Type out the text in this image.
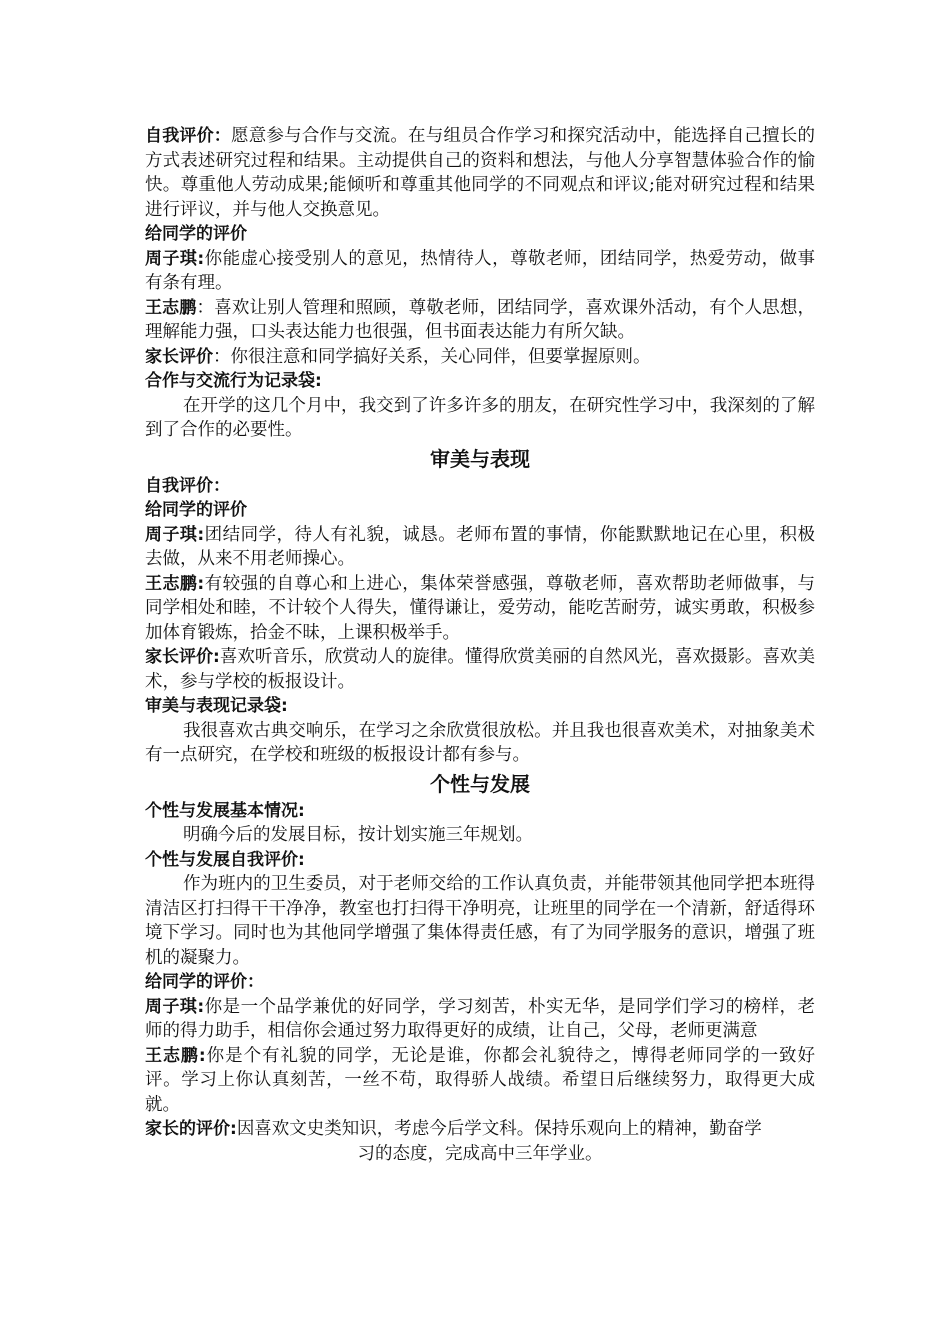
自我评价：愿意参与合作与交流。在与组员合作学习和探究活动中，能选择自己擅长的方式表述研究过程和结果。主动提供自己的资料和想法，与他人分享智慧体验合作的愉快。尊重他人劳动成果;能倾听和尊重其他同学的不同观点和评议;能对研究过程和结果进行评议，并与他人交换意见。

给同学的评价

周子琪:你能虚心接受别人的意见，热情待人，尊敬老师，团结同学，热爱劳动，做事有条有理。

王志鹏：喜欢让别人管理和照顾，尊敬老师，团结同学，喜欢课外活动，有个人思想，理解能力强，口头表达能力也很强，但书面表达能力有所欠缺。

家长评价：你很注意和同学搞好关系，关心同伴，但要掌握原则。

合作与交流行为记录袋:

在开学的这几个月中，我交到了许多许多的朋友，在研究性学习中，我深刻的了解到了合作的必要性。

审美与表现

自我评价：
给同学的评价

周子琪:团结同学，待人有礼貌，诚恳。老师布置的事情，你能默默地记在心里，积极去做，从来不用老师操心。

王志鹏:有较强的自尊心和上进心，集体荣誉感强，尊敬老师，喜欢帮助老师做事，与同学相处和睦，不计较个人得失，懂得谦让，爱劳动，能吃苦耐劳，诚实勇敢，积极参加体育锻炼，拾金不昧，上课积极举手。

家长评价:喜欢听音乐，欣赏动人的旋律。懂得欣赏美丽的自然风光，喜欢摄影。喜欢美术，参与学校的板报设计。

审美与表现记录袋:

我很喜欢古典交响乐，在学习之余欣赏很放松。并且我也很喜欢美术，对抽象美术有一点研究，在学校和班级的板报设计都有参与。

个性与发展

个性与发展基本情况:

明确今后的发展目标，按计划实施三年规划。

个性与发展自我评价:

作为班内的卫生委员，对于老师交给的工作认真负责，并能带领其他同学把本班得清洁区打扫得干干净净，教室也打扫得干净明亮，让班里的同学在一个清新，舒适得环境下学习。同时也为其他同学增强了集体得责任感，有了为同学服务的意识，增强了班机的凝聚力。

给同学的评价：

周子琪:你是一个品学兼优的好同学，学习刻苦，朴实无华，是同学们学习的榜样，老师的得力助手，相信你会通过努力取得更好的成绩，让自己，父母，老师更满意

王志鹏:你是个有礼貌的同学，无论是谁，你都会礼貌待之，博得老师同学的一致好评。学习上你认真刻苦，一丝不苟，取得骄人战绩。希望日后继续努力，取得更大成就。

家长的评价:因喜欢文史类知识，考虑今后学文科。保持乐观向上的精神，勤奋学
习的态度，完成高中三年学业。
